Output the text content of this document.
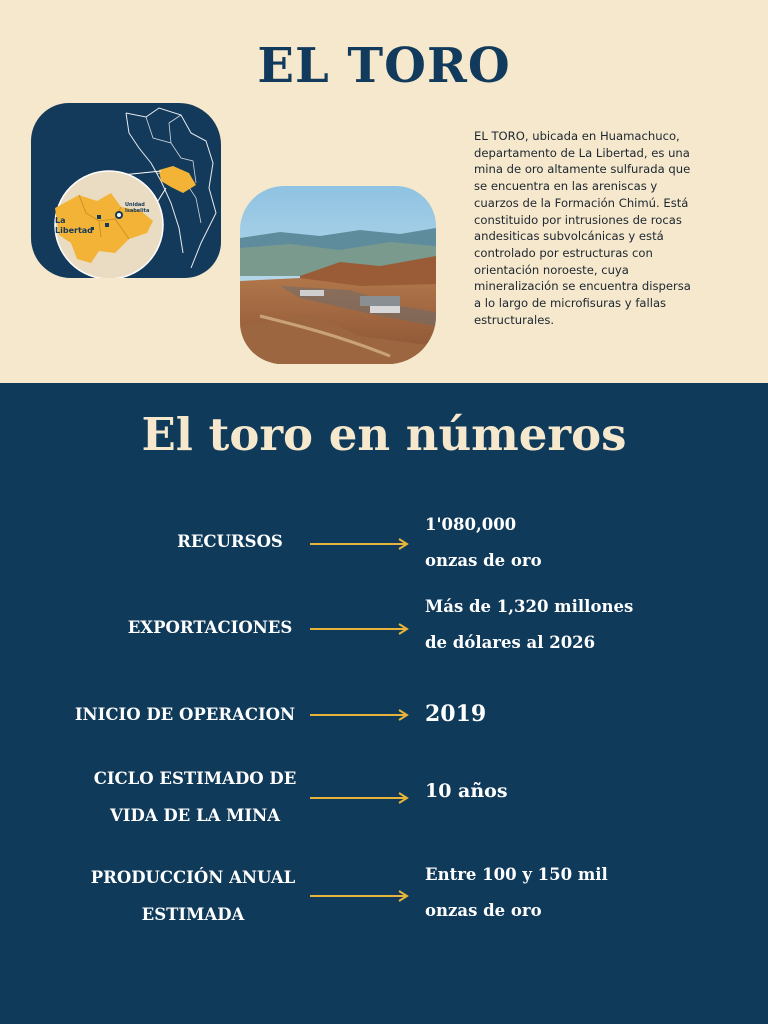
EL TORO
La
Libertad
Unidad
Isabelita

EL TORO, ubicada en Huamachuco,
departamento de La Libertad, es una
mina de oro altamente sulfurada que
se encuentra en las areniscas y
cuarzos de la Formación Chimú. Está
constituido por intrusiones de rocas
andesiticas subvolcánicas y está
controlado por estructuras con
orientación noroeste, cuya
mineralización se encuentra dispersa
a lo largo de microfisuras y fallas
estructurales.

El toro en números
RECURSOS
1'080,000
onzas de oro
EXPORTACIONES
Más de 1,320 millones
de dólares al 2026
INICIO DE OPERACION	2019
CICLO ESTIMADO DE
VIDA DE LA MINA
10 años
PRODUCCIÓN ANUAL
ESTIMADA
Entre 100 y 150 mil
onzas de oro
